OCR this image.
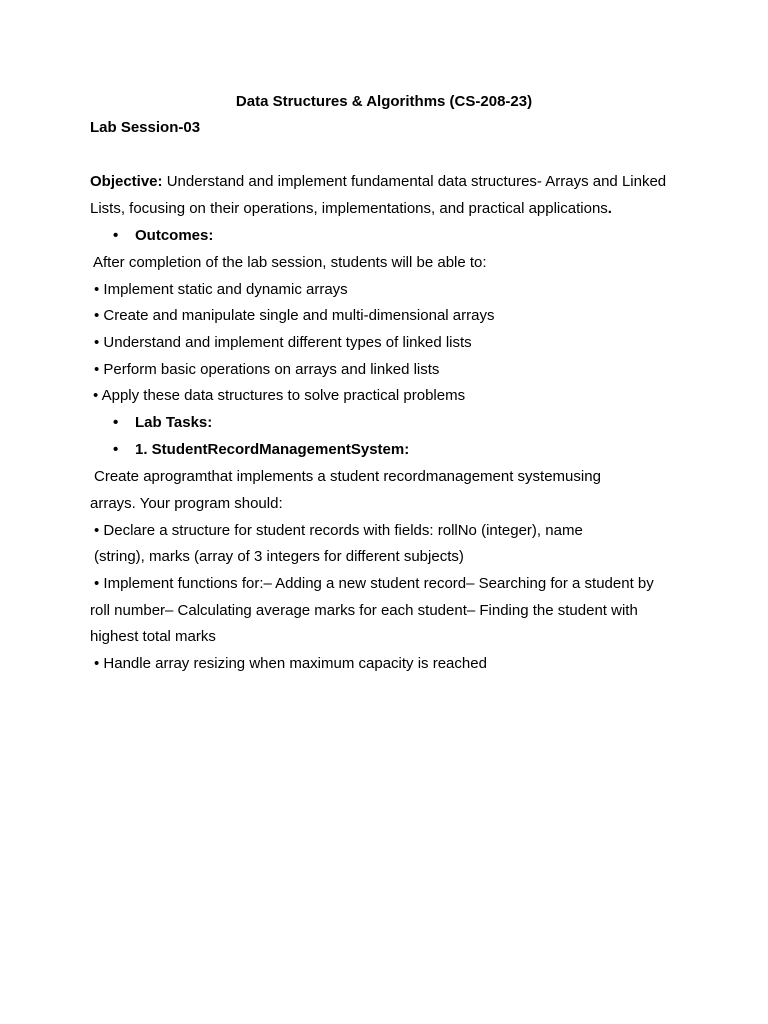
Data Structures & Algorithms (CS-208-23)
Lab Session-03
Objective: Understand and implement fundamental data structures- Arrays and Linked
Lists, focusing on their operations, implementations, and practical applications.
• Outcomes:
After completion of the lab session, students will be able to:
• Implement static and dynamic arrays
• Create and manipulate single and multi-dimensional arrays
• Understand and implement different types of linked lists
• Perform basic operations on arrays and linked lists
• Apply these data structures to solve practical problems
• Lab Tasks:
• 1. StudentRecordManagementSystem:
Create aprogramthat implements a student recordmanagement systemusing
arrays. Your program should:
• Declare a structure for student records with fields: rollNo (integer), name
(string), marks (array of 3 integers for different subjects)
• Implement functions for:– Adding a new student record– Searching for a student by
roll number– Calculating average marks for each student– Finding the student with
highest total marks
• Handle array resizing when maximum capacity is reached
